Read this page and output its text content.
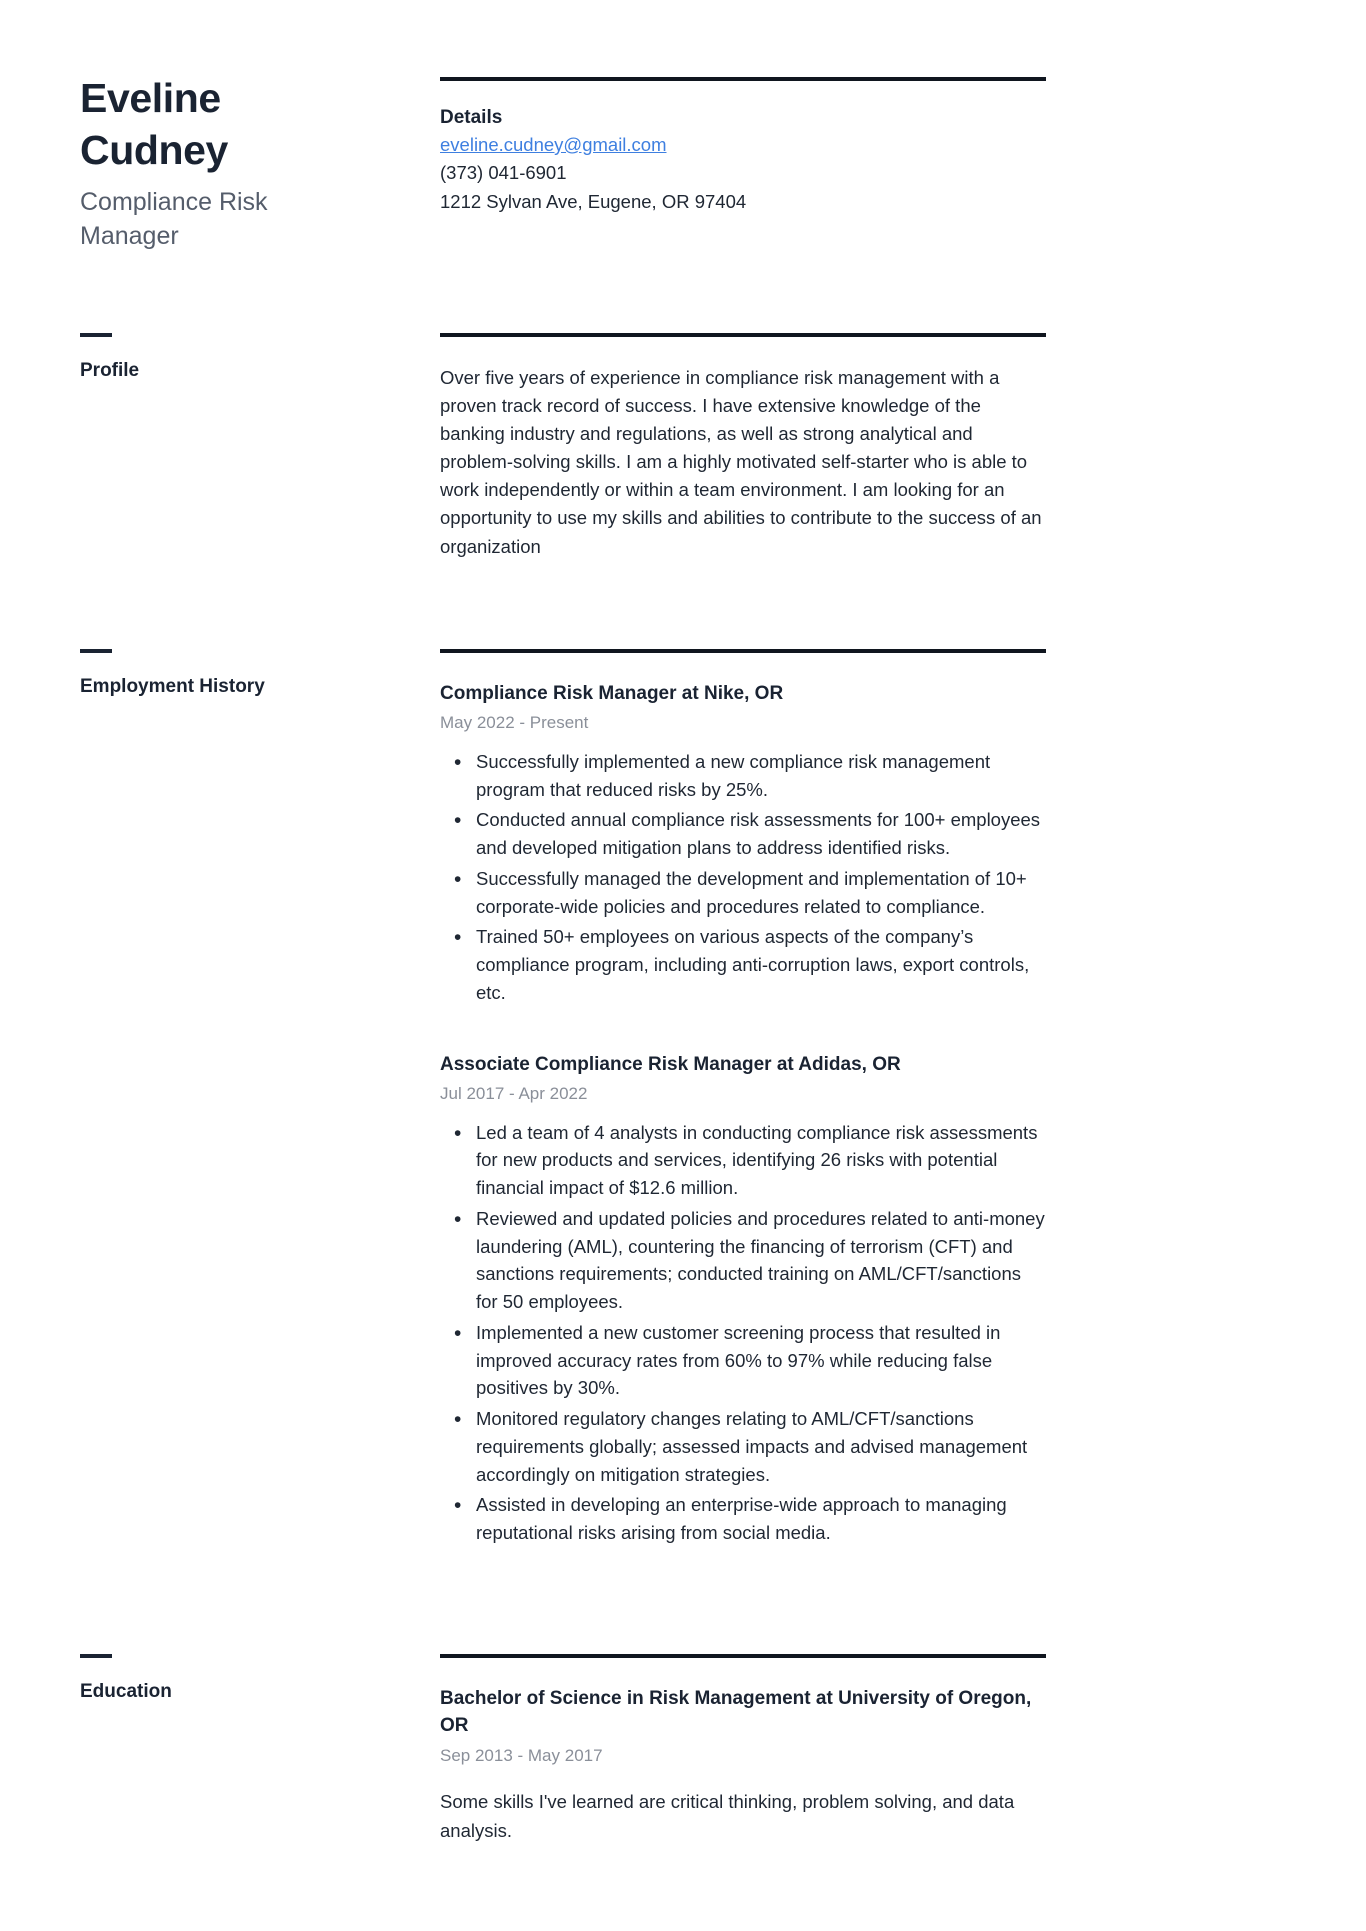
Eveline
Cudney
Compliance Risk Manager
Details
eveline.cudney@gmail.com
(373) 041-6901
1212 Sylvan Ave, Eugene, OR 97404
Profile	Over five years of experience in compliance risk management with a proven track record of success. I have extensive knowledge of the banking industry and regulations, as well as strong analytical and problem-solving skills. I am a highly motivated self-starter who is able to work independently or within a team environment. I am looking for an opportunity to use my skills and abilities to contribute to the success of an organization
Employment History	Compliance Risk Manager at Nike, OR
May 2022 - Present
• Successfully implemented a new compliance risk management program that reduced risks by 25%.
• Conducted annual compliance risk assessments for 100+ employees and developed mitigation plans to address identified risks.
• Successfully managed the development and implementation of 10+ corporate-wide policies and procedures related to compliance.
• Trained 50+ employees on various aspects of the company’s compliance program, including anti-corruption laws, export controls, etc.
Associate Compliance Risk Manager at Adidas, OR
Jul 2017 - Apr 2022
• Led a team of 4 analysts in conducting compliance risk assessments for new products and services, identifying 26 risks with potential financial impact of $12.6 million.
• Reviewed and updated policies and procedures related to anti-money laundering (AML), countering the financing of terrorism (CFT) and sanctions requirements; conducted training on AML/CFT/sanctions for 50 employees.
• Implemented a new customer screening process that resulted in improved accuracy rates from 60% to 97% while reducing false positives by 30%.
• Monitored regulatory changes relating to AML/CFT/sanctions requirements globally; assessed impacts and advised management accordingly on mitigation strategies.
• Assisted in developing an enterprise-wide approach to managing reputational risks arising from social media.
Education	Bachelor of Science in Risk Management at University of Oregon, OR
Sep 2013 - May 2017
Some skills I've learned are critical thinking, problem solving, and data analysis.
